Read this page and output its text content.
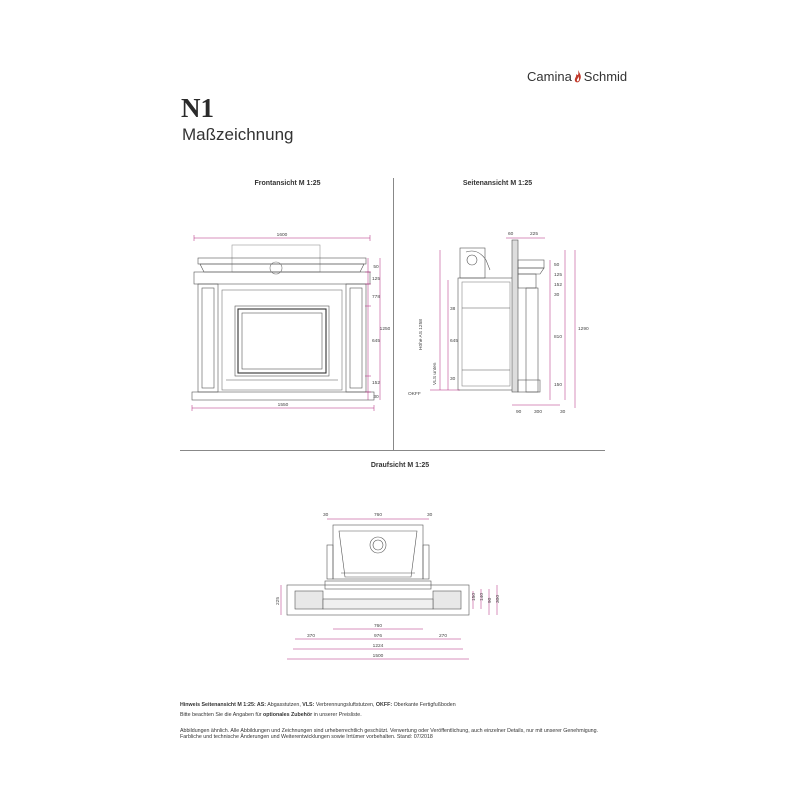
Camina Schmid
N1
Maßzeichnung
Frontansicht M 1:25	Seitenansicht M 1:25
Draufsicht M 1:25
1600
1550
50
125
778
1250
645
152
30
60	225
50
125
152
30
810
150
1290
Höhe AS 1258
38
645
VLS unten	30
OKFF
90	300	30
30	760	30
225	150 140 90 300
760
370	976	270
1224
1500
Hinweis Seitenansicht M 1:25: AS: Abgasstutzen, VLS: Verbrennungsluftstutzen, OKFF: Oberkante Fertigfußboden
Bitte beachten Sie die Angaben für optionales Zubehör in unserer Preisliste.
Abbildungen ähnlich. Alle Abbildungen und Zeichnungen sind urheberrechtlich geschützt. Verwertung oder Veröffentlichung, auch einzelner Details, nur mit unserer Genehmigung.
Farbliche und technische Änderungen und Weiterentwicklungen sowie Irrtümer vorbehalten. Stand: 07/2018
